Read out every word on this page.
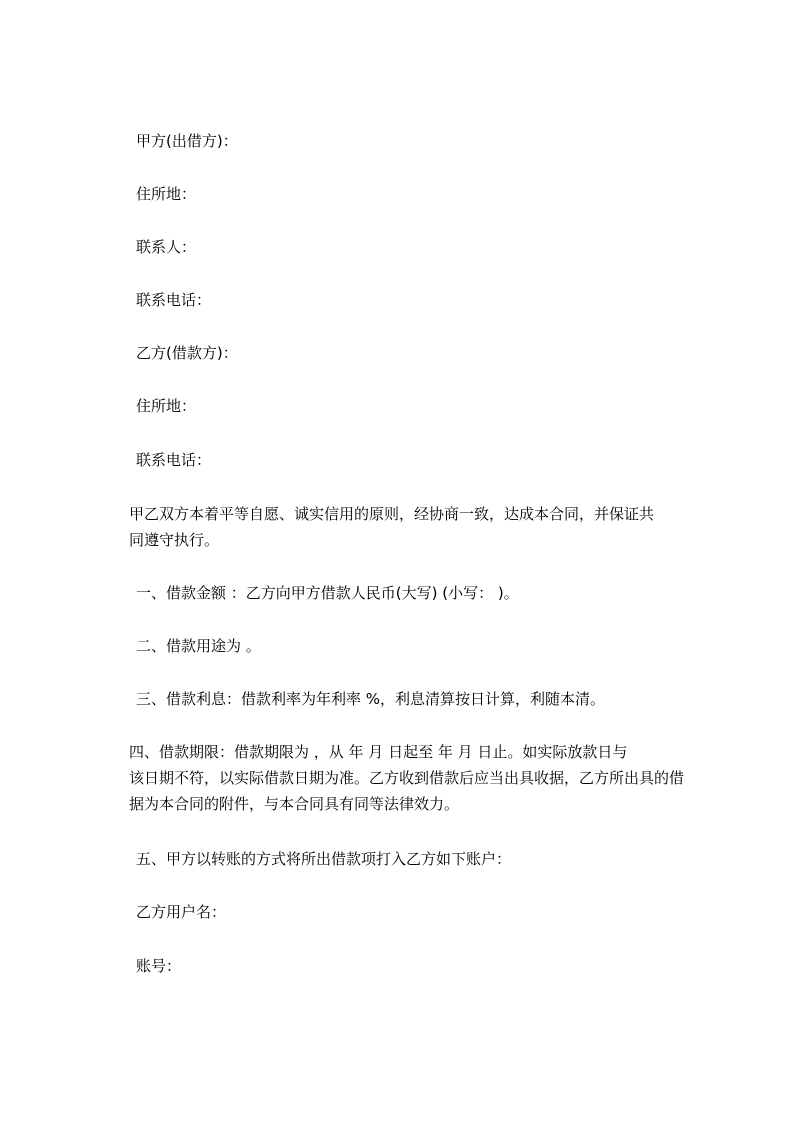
甲方(出借方)：
住所地：
联系人：
联系电话：
乙方(借款方)：
住所地：
联系电话：
甲乙双方本着平等自愿、诚实信用的原则，经协商一致，达成本合同，并保证共
同遵守执行。
一、借款金额 ：乙方向甲方借款人民币(大写) (小写： )。
二、借款用途为 。
三、借款利息：借款利率为年利率 %，利息清算按日计算，利随本清。
四、借款期限：借款期限为 ，从 年 月 日起至 年 月 日止。如实际放款日与
该日期不符，以实际借款日期为准。乙方收到借款后应当出具收据，乙方所出具的借
据为本合同的附件，与本合同具有同等法律效力。
五、甲方以转账的方式将所出借款项打入乙方如下账户：
乙方用户名：
账号：
